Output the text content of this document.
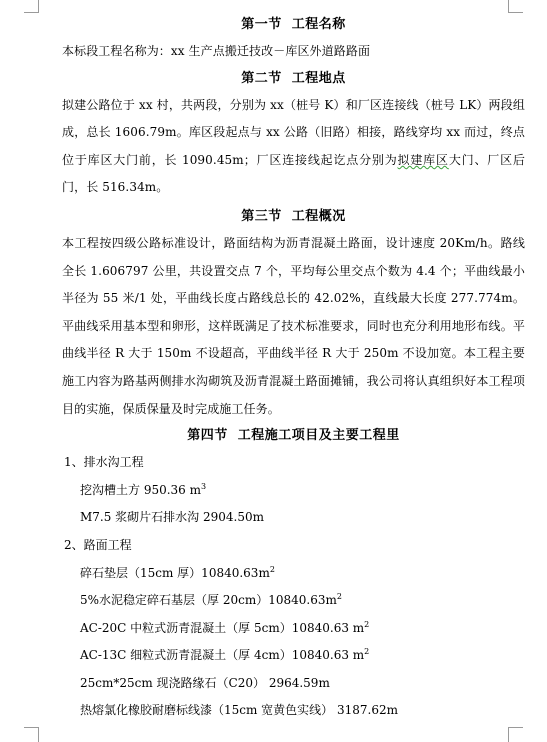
第一节  工程名称
本标段工程名称为：xx 生产点搬迁技改－库区外道路路面
第二节  工程地点
拟建公路位于 xx 村，共两段，分别为 xx（桩号 K）和厂区连接线（桩号 LK）两段组成，总长 1606.79m。库区段起点与 xx 公路（旧路）相接，路线穿均 xx 而过，终点位于库区大门前，长 1090.45m；厂区连接线起讫点分别为拟建库区大门、厂区后门，长 516.34m。
第三节  工程概况
本工程按四级公路标准设计，路面结构为沥青混凝土路面，设计速度 20Km/h。路线全长 1.606797 公里，共设置交点 7 个，平均每公里交点个数为 4.4 个；平曲线最小半径为 55 米/1 处，平曲线长度占路线总长的 42.02%，直线最大长度 277.774m。平曲线采用基本型和卵形，这样既满足了技术标准要求，同时也充分利用地形布线。平曲线半径 R 大于 150m 不设超高，平曲线半径 R 大于 250m 不设加宽。本工程主要施工内容为路基两侧排水沟砌筑及沥青混凝土路面摊铺，我公司将认真组织好本工程项目的实施，保质保量及时完成施工任务。
第四节  工程施工项目及主要工程里
1、排水沟工程
挖沟槽土方 950.36 $m^3$
M7.5 浆砌片石排水沟 2904.50m
2、路面工程
碎石垫层（15cm 厚）$10840.63m^2$
5%水泥稳定碎石基层（厚 $20cm)10840.63m^2$
AC-20C 中粒式沥青混凝土（厚 5cm）10840.63 $m^2$
AC-13C 细粒式沥青混凝土（厚 4cm）10840.63 $m^2$
25cm*25cm 现浇路缘石（C20） 2964.59m
热熔氯化橡胶耐磨标线漆（15cm 宽黄色实线） 3187.62m
